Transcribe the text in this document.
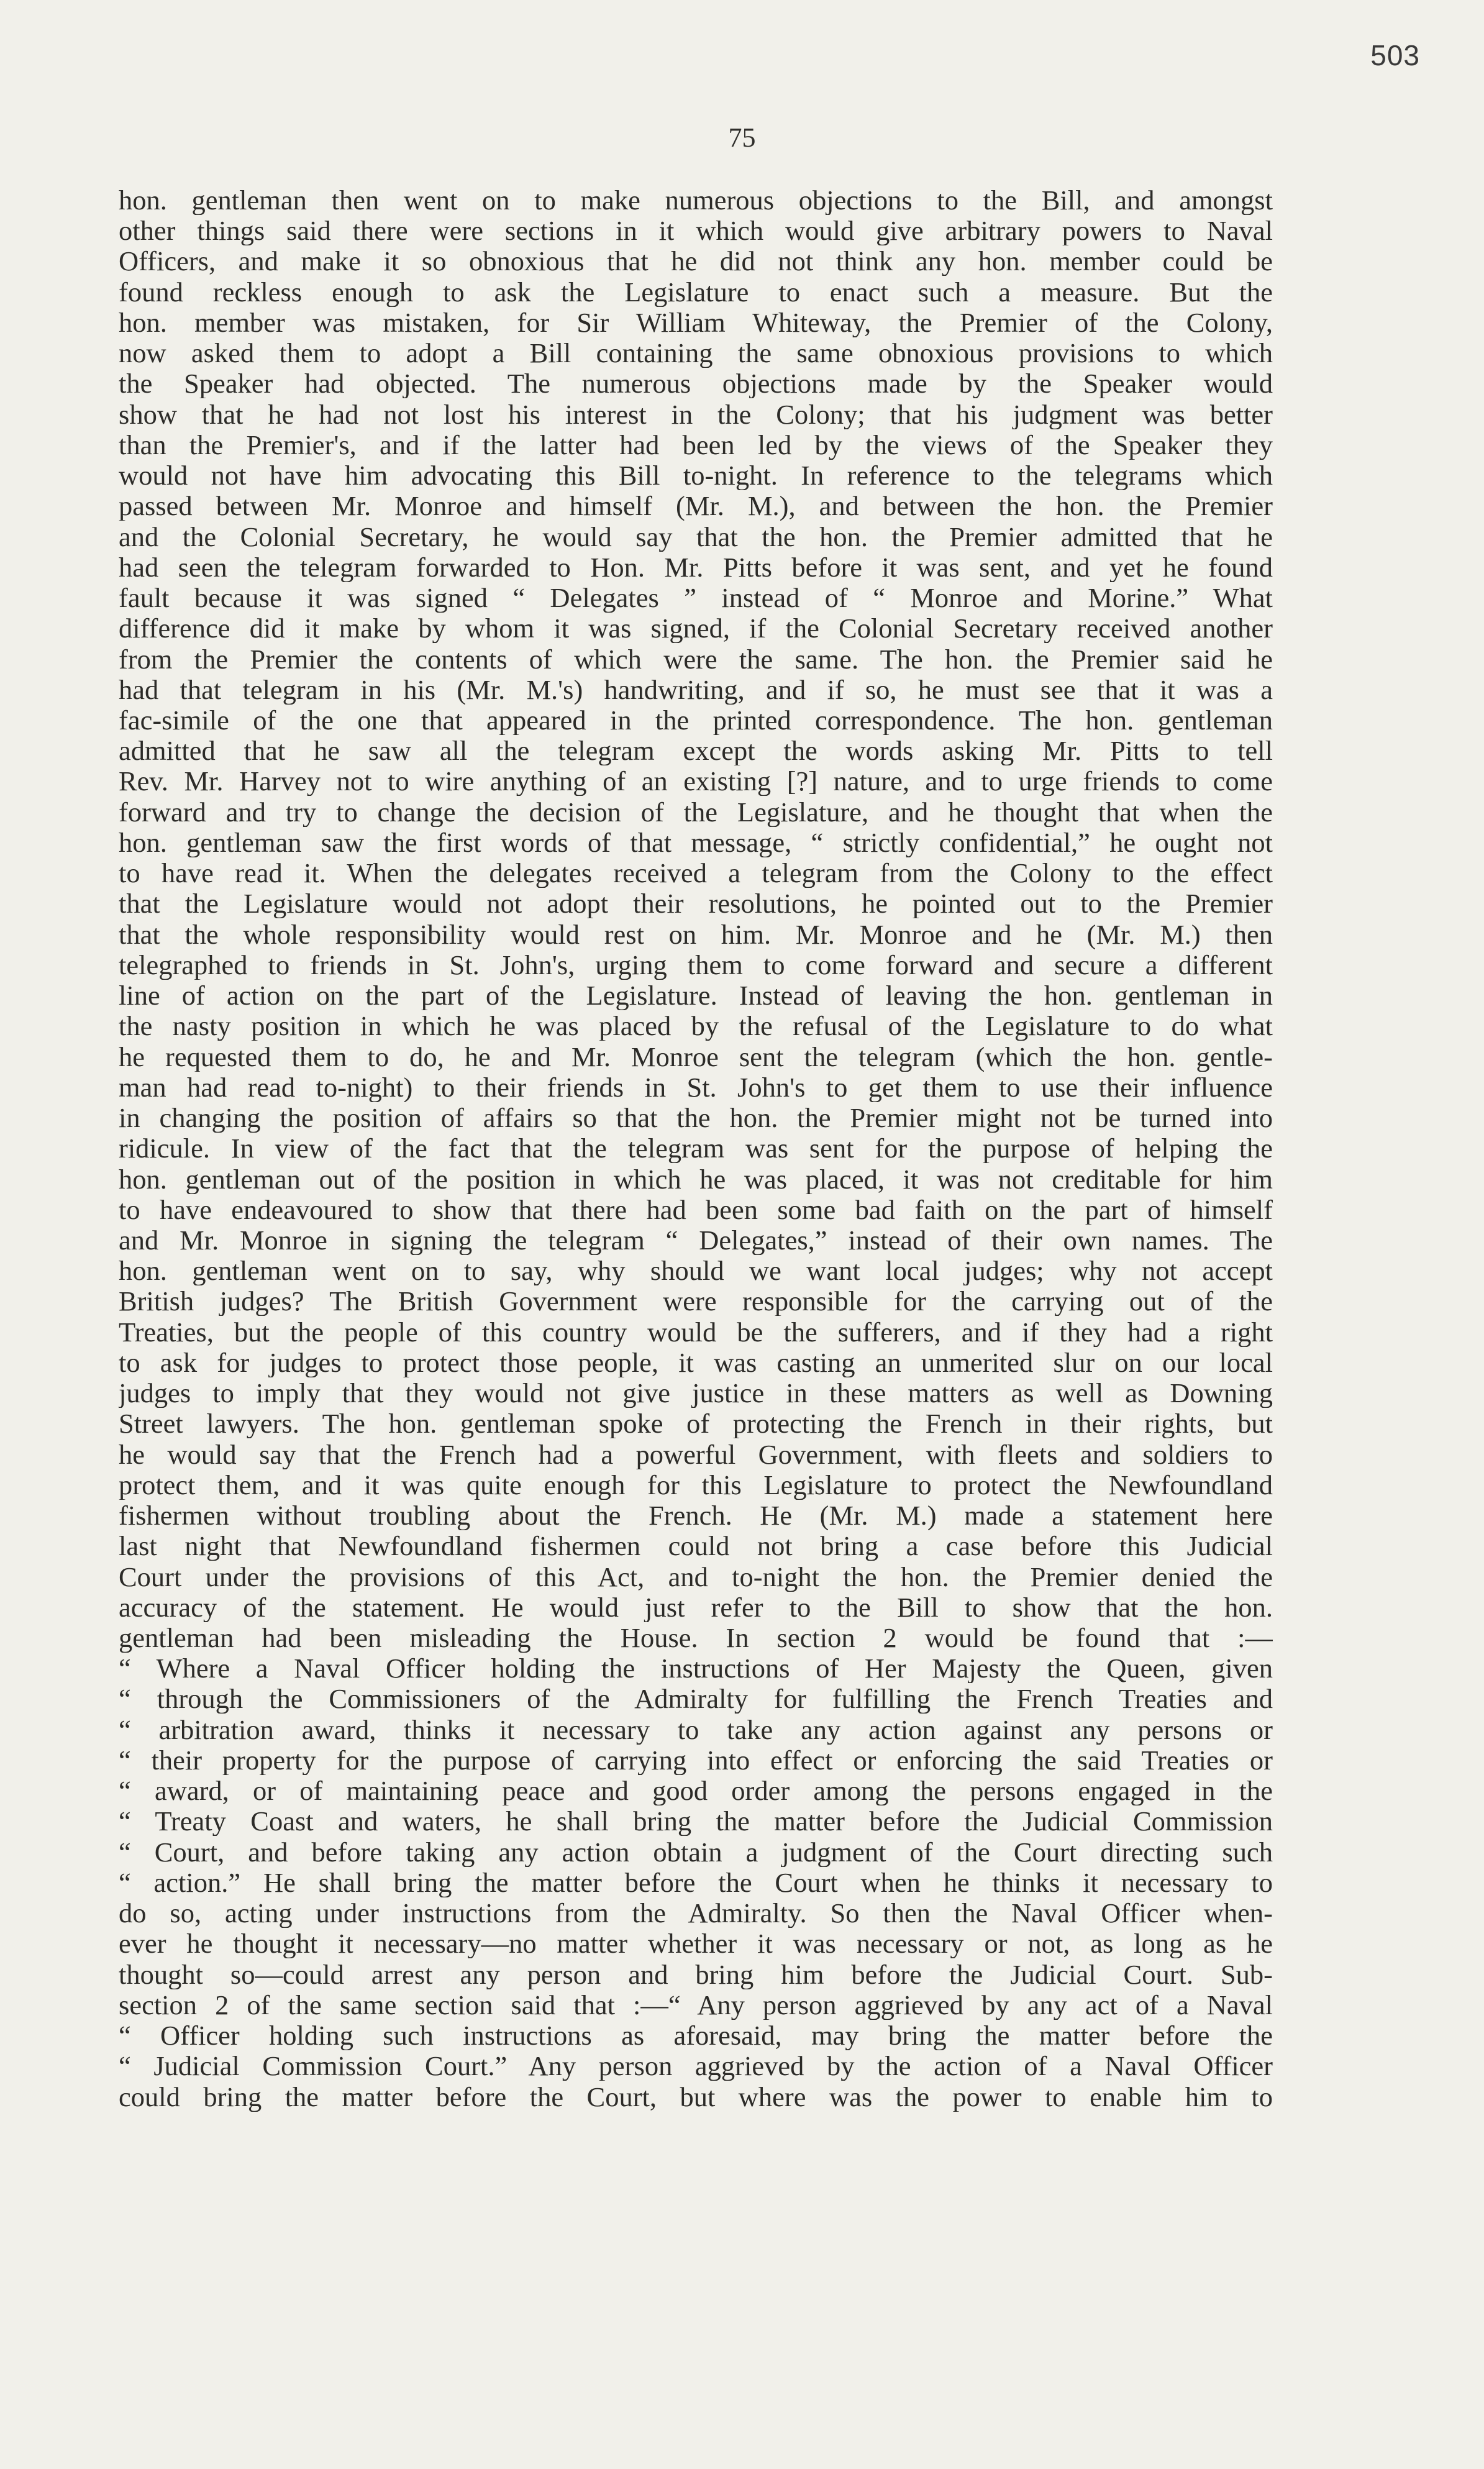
503
75
hon. gentleman then went on to make numerous objections to the Bill, and amongst
other things said there were sections in it which would give arbitrary powers to Naval
Officers, and make it so obnoxious that he did not think any hon. member could be
found reckless enough to ask the Legislature to enact such a measure. But the
hon. member was mistaken, for Sir William Whiteway, the Premier of the Colony,
now asked them to adopt a Bill containing the same obnoxious provisions to which
the Speaker had objected. The numerous objections made by the Speaker would
show that he had not lost his interest in the Colony; that his judgment was better
than the Premier's, and if the latter had been led by the views of the Speaker they
would not have him advocating this Bill to-night. In reference to the telegrams which
passed between Mr. Monroe and himself (Mr. M.), and between the hon. the Premier
and the Colonial Secretary, he would say that the hon. the Premier admitted that he
had seen the telegram forwarded to Hon. Mr. Pitts before it was sent, and yet he found
fault because it was signed “ Delegates ” instead of “ Monroe and Morine.” What
difference did it make by whom it was signed, if the Colonial Secretary received another
from the Premier the contents of which were the same. The hon. the Premier said he
had that telegram in his (Mr. M.'s) handwriting, and if so, he must see that it was a
fac-simile of the one that appeared in the printed correspondence. The hon. gentleman
admitted that he saw all the telegram except the words asking Mr. Pitts to tell
Rev. Mr. Harvey not to wire anything of an existing [?] nature, and to urge friends to come
forward and try to change the decision of the Legislature, and he thought that when the
hon. gentleman saw the first words of that message, “ strictly confidential,” he ought not
to have read it. When the delegates received a telegram from the Colony to the effect
that the Legislature would not adopt their resolutions, he pointed out to the Premier
that the whole responsibility would rest on him. Mr. Monroe and he (Mr. M.) then
telegraphed to friends in St. John's, urging them to come forward and secure a different
line of action on the part of the Legislature. Instead of leaving the hon. gentleman in
the nasty position in which he was placed by the refusal of the Legislature to do what
he requested them to do, he and Mr. Monroe sent the telegram (which the hon. gentle-
man had read to-night) to their friends in St. John's to get them to use their influence
in changing the position of affairs so that the hon. the Premier might not be turned into
ridicule. In view of the fact that the telegram was sent for the purpose of helping the
hon. gentleman out of the position in which he was placed, it was not creditable for him
to have endeavoured to show that there had been some bad faith on the part of himself
and Mr. Monroe in signing the telegram “ Delegates,” instead of their own names. The
hon. gentleman went on to say, why should we want local judges; why not accept
British judges? The British Government were responsible for the carrying out of the
Treaties, but the people of this country would be the sufferers, and if they had a right
to ask for judges to protect those people, it was casting an unmerited slur on our local
judges to imply that they would not give justice in these matters as well as Downing
Street lawyers. The hon. gentleman spoke of protecting the French in their rights, but
he would say that the French had a powerful Government, with fleets and soldiers to
protect them, and it was quite enough for this Legislature to protect the Newfoundland
fishermen without troubling about the French. He (Mr. M.) made a statement here
last night that Newfoundland fishermen could not bring a case before this Judicial
Court under the provisions of this Act, and to-night the hon. the Premier denied the
accuracy of the statement. He would just refer to the Bill to show that the hon.
gentleman had been misleading the House. In section 2 would be found that :—
“ Where a Naval Officer holding the instructions of Her Majesty the Queen, given
“ through the Commissioners of the Admiralty for fulfilling the French Treaties and
“ arbitration award, thinks it necessary to take any action against any persons or
“ their property for the purpose of carrying into effect or enforcing the said Treaties or
“ award, or of maintaining peace and good order among the persons engaged in the
“ Treaty Coast and waters, he shall bring the matter before the Judicial Commission
“ Court, and before taking any action obtain a judgment of the Court directing such
“ action.” He shall bring the matter before the Court when he thinks it necessary to
do so, acting under instructions from the Admiralty. So then the Naval Officer when-
ever he thought it necessary—no matter whether it was necessary or not, as long as he
thought so—could arrest any person and bring him before the Judicial Court. Sub-
section 2 of the same section said that :—“ Any person aggrieved by any act of a Naval
“ Officer holding such instructions as aforesaid, may bring the matter before the
“ Judicial Commission Court.” Any person aggrieved by the action of a Naval Officer
could bring the matter before the Court, but where was the power to enable him to
